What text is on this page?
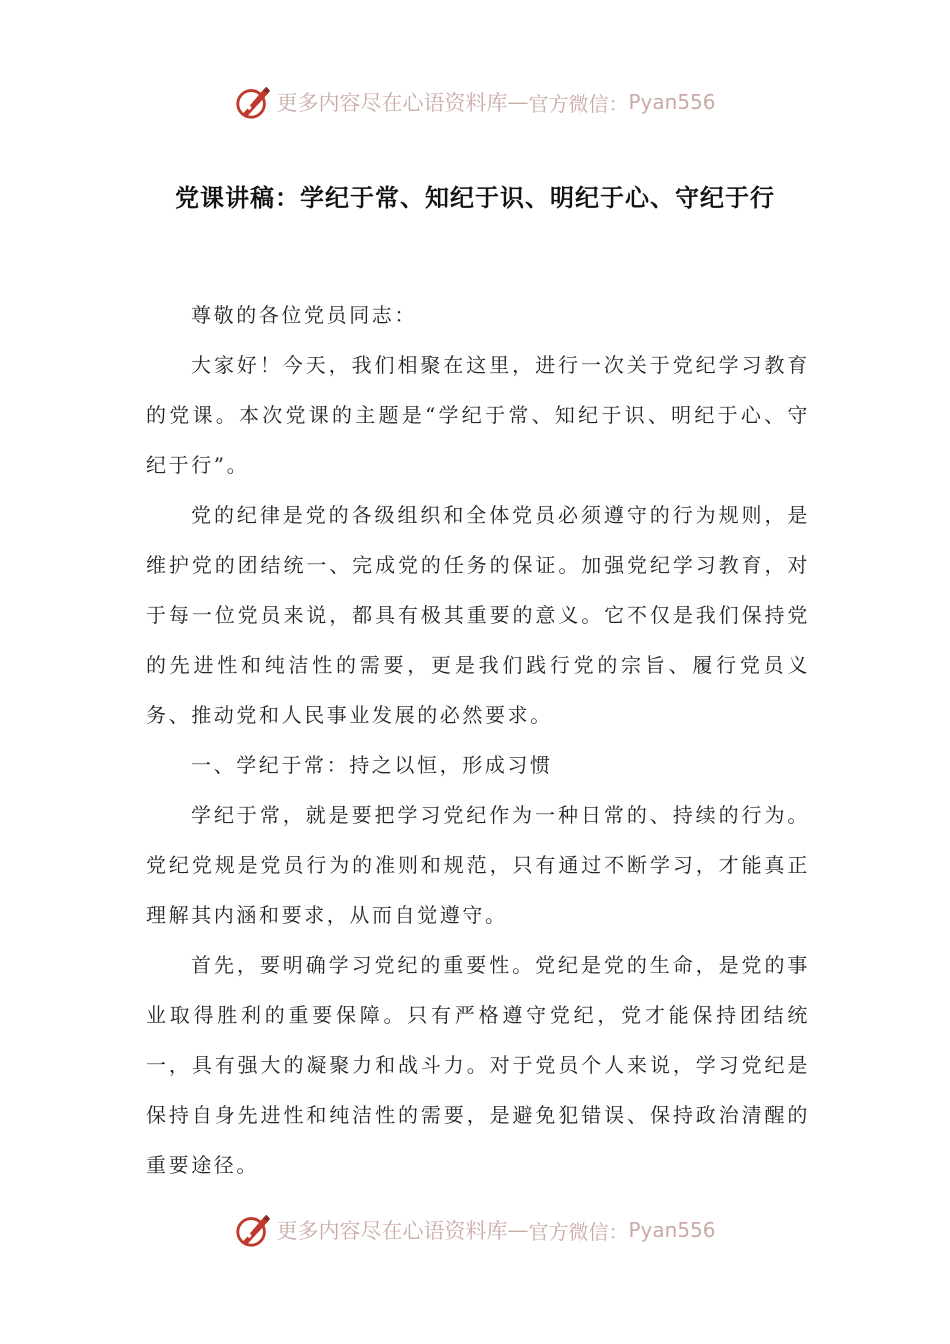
更多内容尽在心语资料库 — 官方微信： Pyan556
党课讲稿：学纪于常、知纪于识、明纪于心、守纪于行

尊敬的各位党员同志：

大家好！今天，我们相聚在这里，进行一次关于党纪学习教育的党课。本次党课的主题是“学纪于常、知纪于识、明纪于心、守纪于行”。

党的纪律是党的各级组织和全体党员必须遵守的行为规则，是维护党的团结统一、完成党的任务的保证。加强党纪学习教育，对于每一位党员来说，都具有极其重要的意义。它不仅是我们保持党的先进性和纯洁性的需要，更是我们践行党的宗旨、履行党员义务、推动党和人民事业发展的必然要求。

一、学纪于常：持之以恒，形成习惯

学纪于常，就是要把学习党纪作为一种日常的、持续的行为。党纪党规是党员行为的准则和规范，只有通过不断学习，才能真正理解其内涵和要求，从而自觉遵守。

首先，要明确学习党纪的重要性。党纪是党的生命，是党的事业取得胜利的重要保障。只有严格遵守党纪，党才能保持团结统一，具有强大的凝聚力和战斗力。对于党员个人来说，学习党纪是保持自身先进性和纯洁性的需要，是避免犯错误、保持政治清醒的重要途径。

更多内容尽在心语资料库 — 官方微信： Pyan556
